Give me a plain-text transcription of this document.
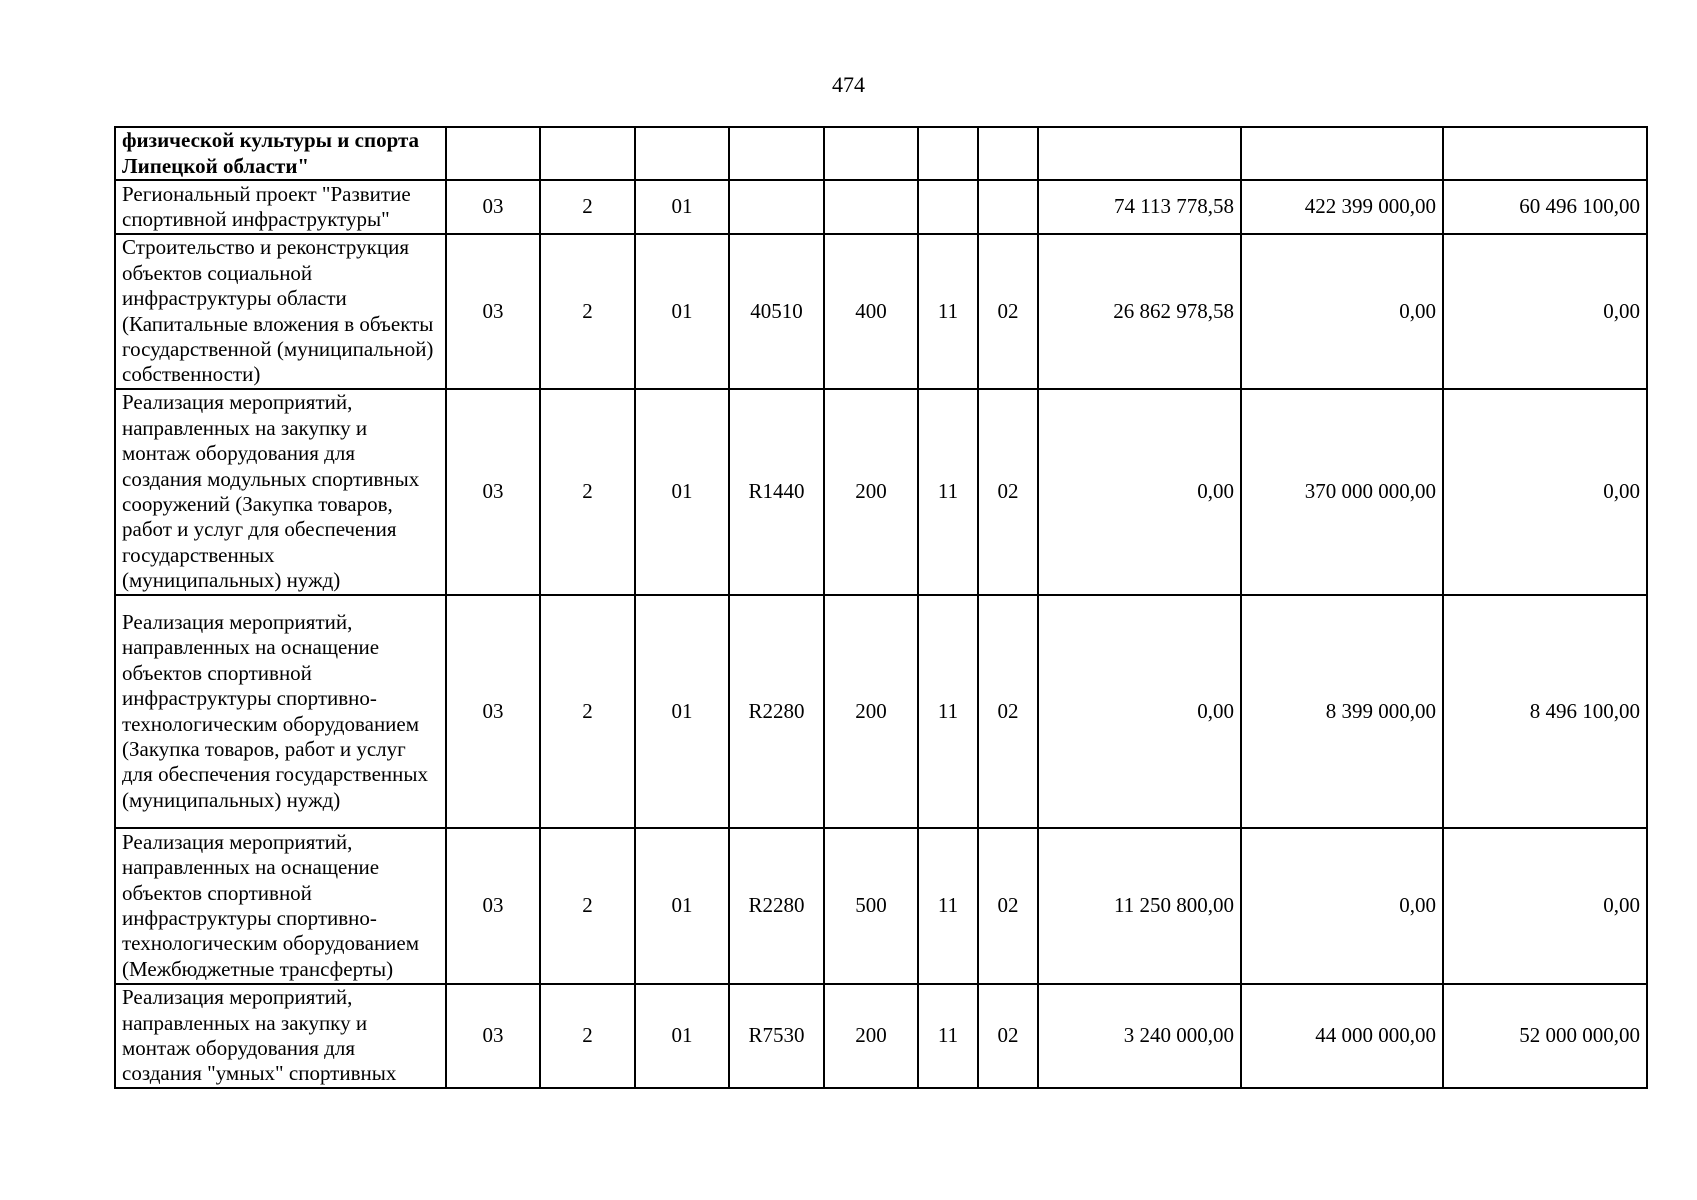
474
физической культуры и спорта Липецкой области"										
Региональный проект "Развитие спортивной инфраструктуры"	03	2	01					74 113 778,58	422 399 000,00	60 496 100,00
Строительство и реконструкция объектов социальной инфраструктуры области (Капитальные вложения в объекты государственной (муниципальной) собственности)	03	2	01	40510	400	11	02	26 862 978,58	0,00	0,00
Реализация мероприятий, направленных на закупку и монтаж оборудования для создания модульных спортивных сооружений (Закупка товаров, работ и услуг для обеспечения государственных (муниципальных) нужд)	03	2	01	R1440	200	11	02	0,00	370 000 000,00	0,00
Реализация мероприятий, направленных на оснащение объектов спортивной инфраструктуры спортивно-технологическим оборудованием (Закупка товаров, работ и услуг для обеспечения государственных (муниципальных) нужд)	03	2	01	R2280	200	11	02	0,00	8 399 000,00	8 496 100,00
Реализация мероприятий, направленных на оснащение объектов спортивной инфраструктуры спортивно-технологическим оборудованием (Межбюджетные трансферты)	03	2	01	R2280	500	11	02	11 250 800,00	0,00	0,00
Реализация мероприятий, направленных на закупку и монтаж оборудования для создания "умных" спортивных	03	2	01	R7530	200	11	02	3 240 000,00	44 000 000,00	52 000 000,00
